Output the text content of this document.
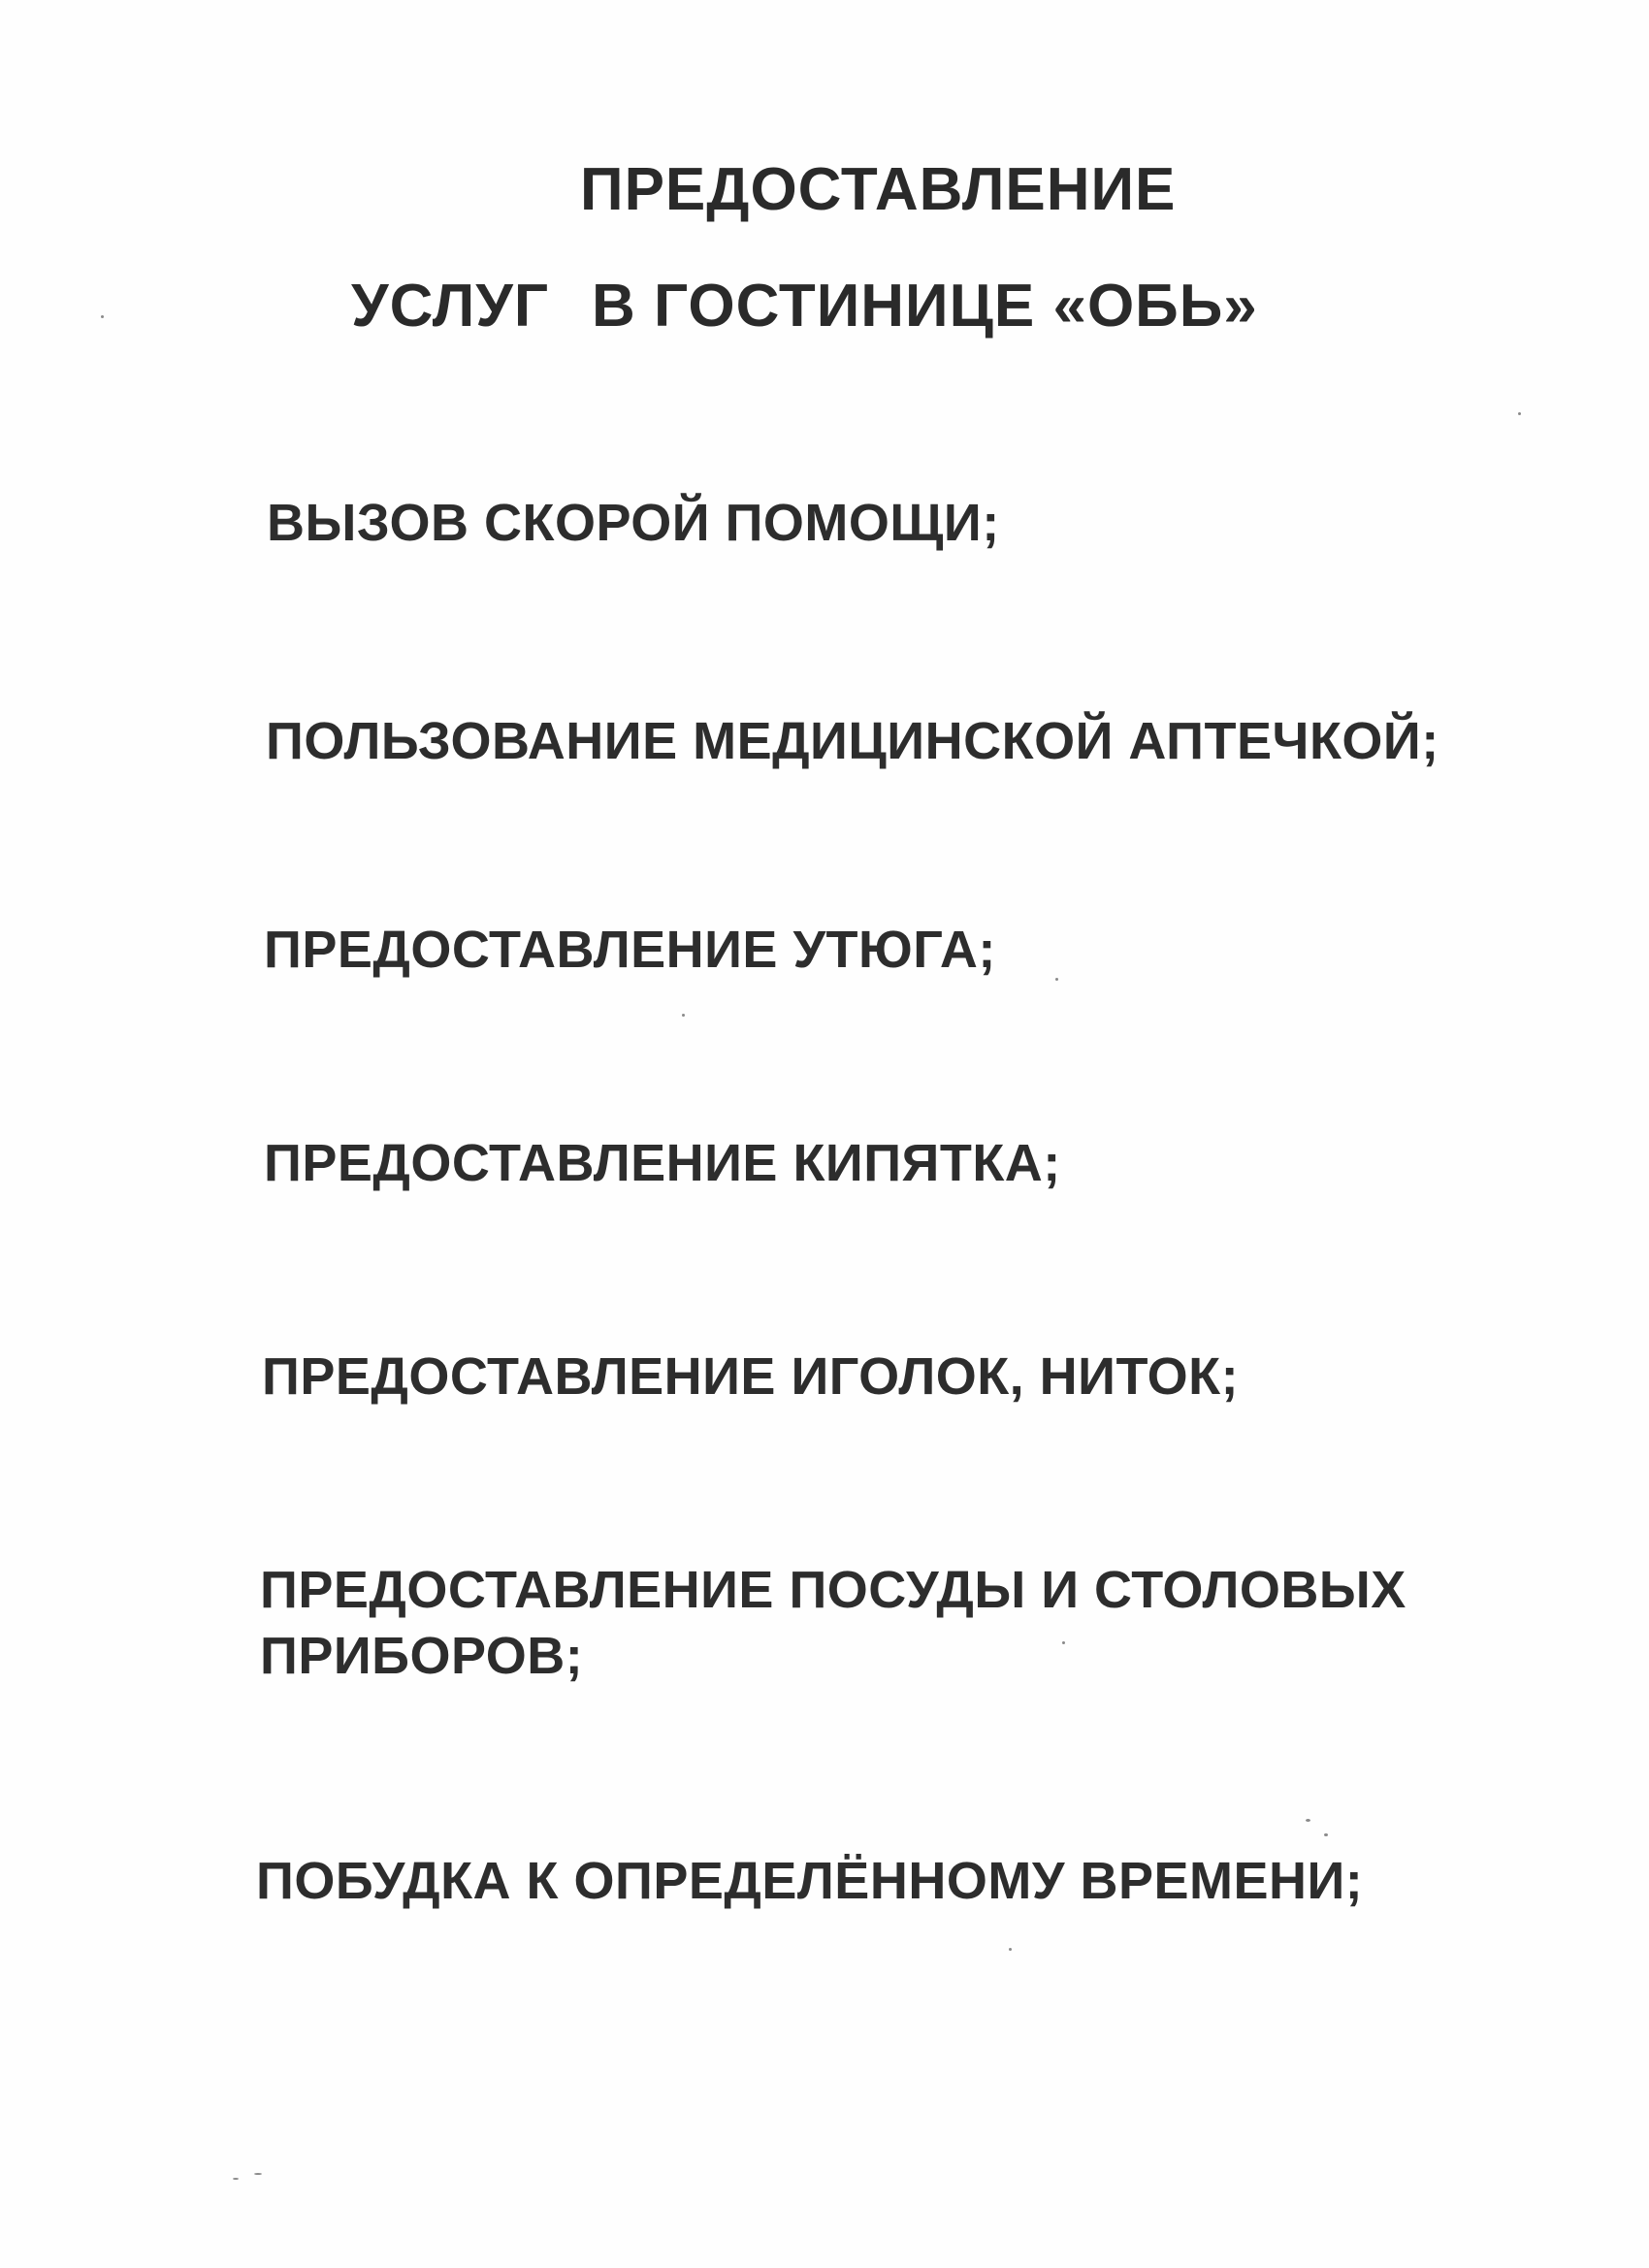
ПРЕДОСТАВЛЕНИЕ
УСЛУГ В ГОСТИНИЦЕ «ОБЬ»
ВЫЗОВ СКОРОЙ ПОМОЩИ;
ПОЛЬЗОВАНИЕ МЕДИЦИНСКОЙ АПТЕЧКОЙ;
ПРЕДОСТАВЛЕНИЕ УТЮГА;
ПРЕДОСТАВЛЕНИЕ КИПЯТКА;
ПРЕДОСТАВЛЕНИЕ ИГОЛОК, НИТОК;
ПРЕДОСТАВЛЕНИЕ ПОСУДЫ И СТОЛОВЫХ
ПРИБОРОВ;
ПОБУДКА К ОПРЕДЕЛЁННОМУ ВРЕМЕНИ;
